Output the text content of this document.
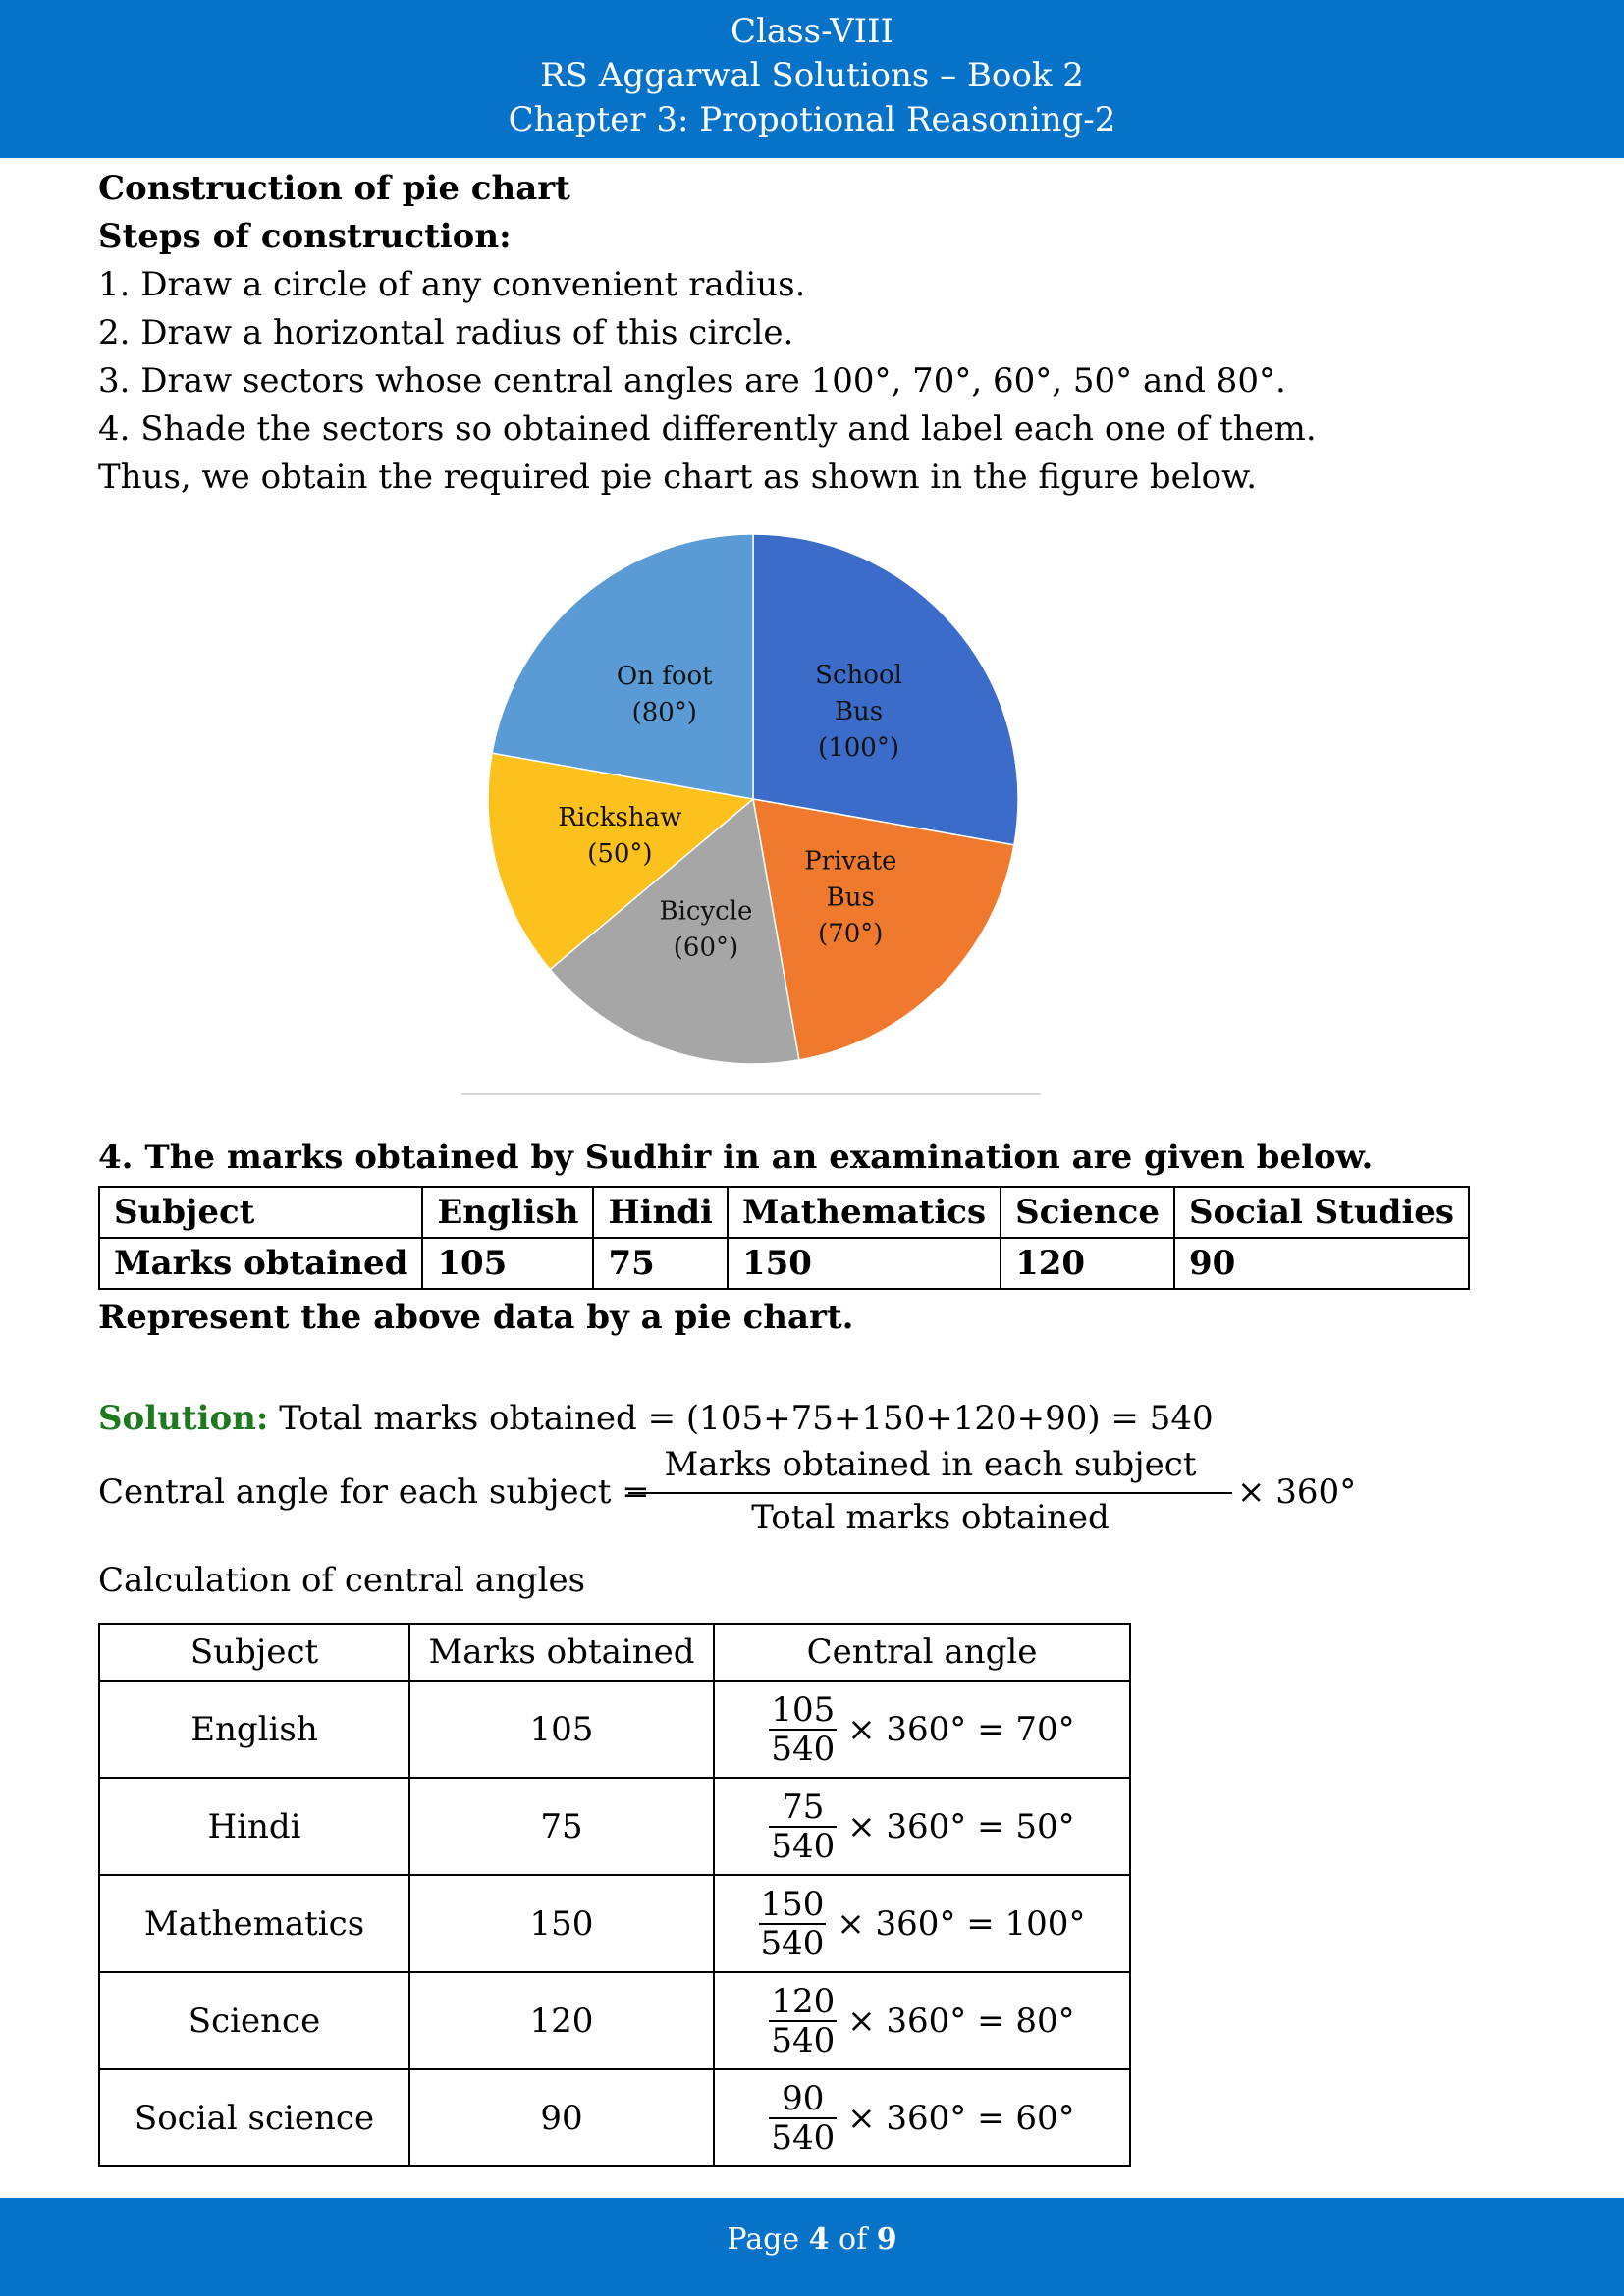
Class-VIII
RS Aggarwal Solutions – Book 2
Chapter 3: Propotional Reasoning-2
Construction of pie chart
Steps of construction:
1. Draw a circle of any convenient radius.
2. Draw a horizontal radius of this circle.
3. Draw sectors whose central angles are 100°, 70°, 60°, 50° and 80°.
4. Shade the sectors so obtained differently and label each one of them.
Thus, we obtain the required pie chart as shown in the figure below.
School
Bus
(100°)
Private
Bus
(70°)
Bicycle
(60°)
Rickshaw
(50°)
On foot
(80°)
4. The marks obtained by Sudhir in an examination are given below.
Subject	English	Hindi	Mathematics	Science	Social Studies
Marks obtained	105	75	150	120	90
Represent the above data by a pie chart.
Solution: Total marks obtained = (105+75+150+120+90) = 540
Central angle for each subject =
Marks obtained in each subject
Total marks obtained
× 360°
Calculation of central angles
Subject	Marks obtained	Central angle
English	105	$\frac{105}{540} \times 360^\circ = 70^\circ$
Hindi	75	$\frac{75}{540} \times 360^\circ = 50^\circ$
Mathematics	150	$\frac{150}{540} \times 360^\circ = 100^\circ$
Science	120	$\frac{120}{540} \times 360^\circ = 80^\circ$
Social science	90	$\frac{90}{540} \times 360^\circ = 60^\circ$
Page 4 of 9
